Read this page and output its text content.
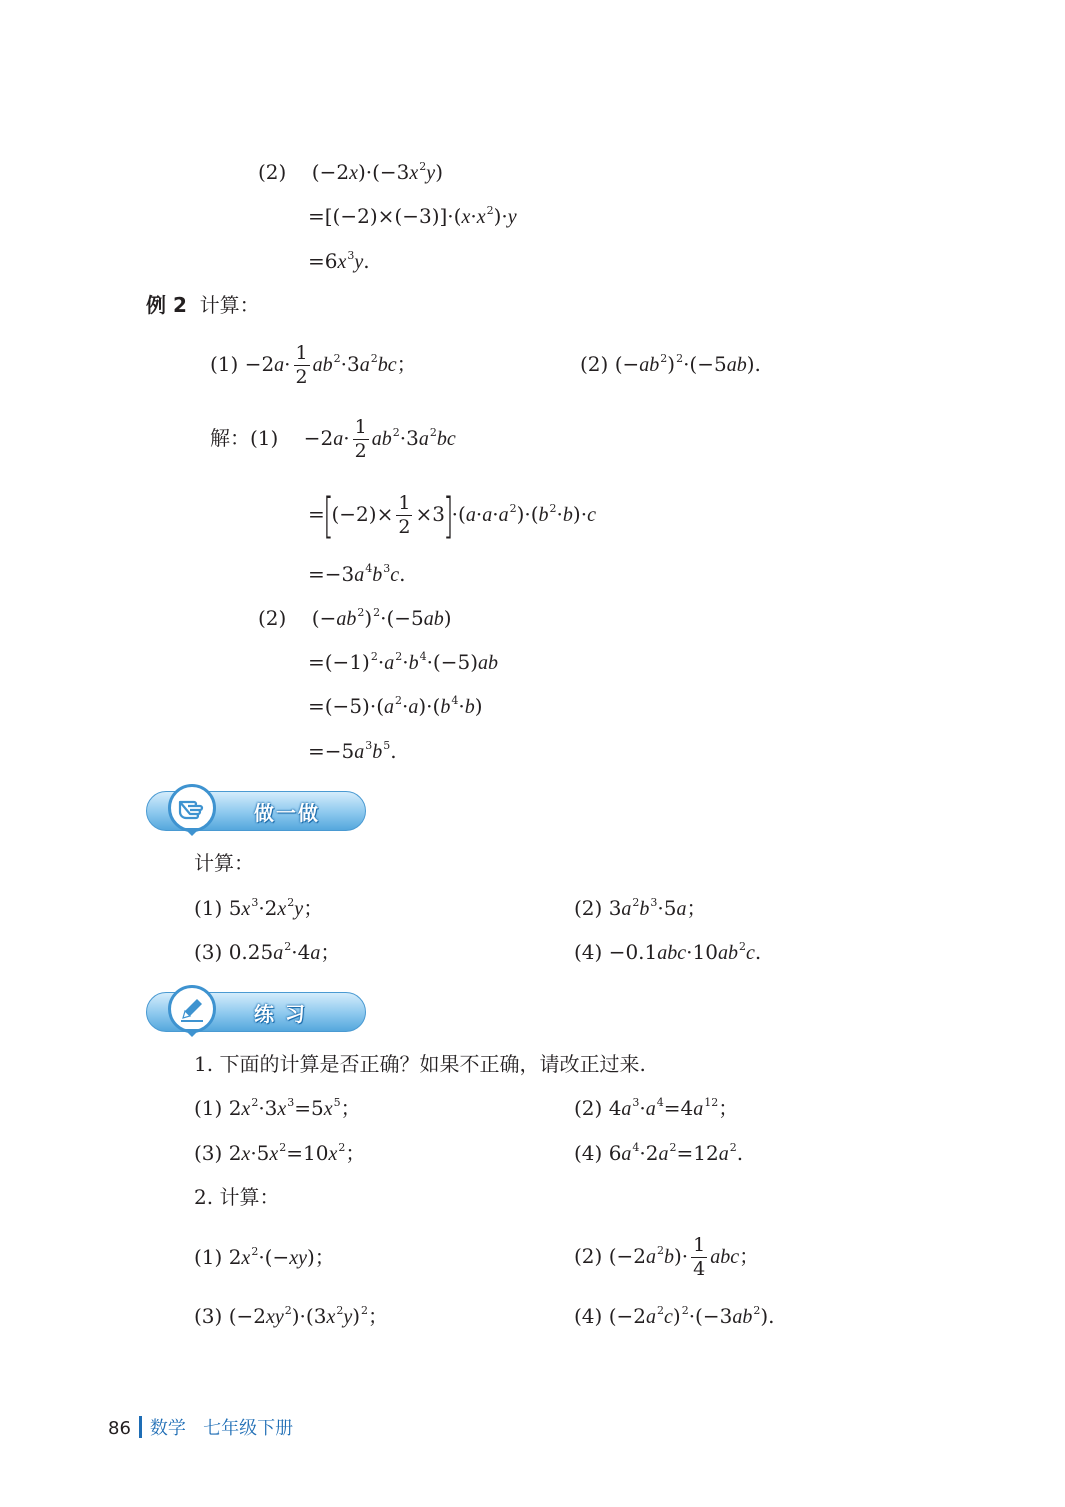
(2)    $(-2x)\cdot(-3x^2y)$
$=[(-2)\times(-3)]\cdot(x\cdot x^2)\cdot y$
$=6x^3y$.
例 2 计算：
$(1) -2a\cdot \frac{1}{2} ab^2\cdot 3a^2bc$；	(2) $(-ab^2)^2\cdot(-5ab)$.
解：(1)    $-2a\cdot \frac{1}{2} ab^2\cdot 3a^2bc$
$=[(-2)\times \frac{1}{2} \times 3]\cdot(a\cdot a\cdot a^2)\cdot(b^2\cdot b)\cdot c$
$=-3a^4b^3c$.
(2)    $(-ab^2)^2\cdot(-5ab)$
$=(-1)^2\cdot a^2\cdot b^4\cdot(-5)ab$
$=(-5)\cdot(a^2\cdot a)\cdot(b^4\cdot b)$
$=-5a^3b^5$.
做一做
计算：
(1) $5x^3\cdot 2x^2y$；	(2) $3a^2b^3\cdot 5a$；
(3) $0.25a^2\cdot 4a$；	$(4) -0.1abc\cdot 10ab^2c$.
练 习
1. 下面的计算是否正确？如果不正确，请改正过来.
(1) $2x^2\cdot 3x^3=5x^5$；	(2) $4a^3\cdot a^4=4a^{12}$；
(3) $2x\cdot 5x^2=10x^2$；	(4) $6a^4\cdot 2a^2=12a^2$.
2. 计算：
(1) $2x^2\cdot(-xy)$；	(2) $(-2a^2b)\cdot \frac{1}{4}$ abc；
(3) $(-2xy^2)\cdot(3x^2y)^2$；	(4) $(-2a^2c)^2\cdot(-3ab^2)$.
86 数学 七年级下册
